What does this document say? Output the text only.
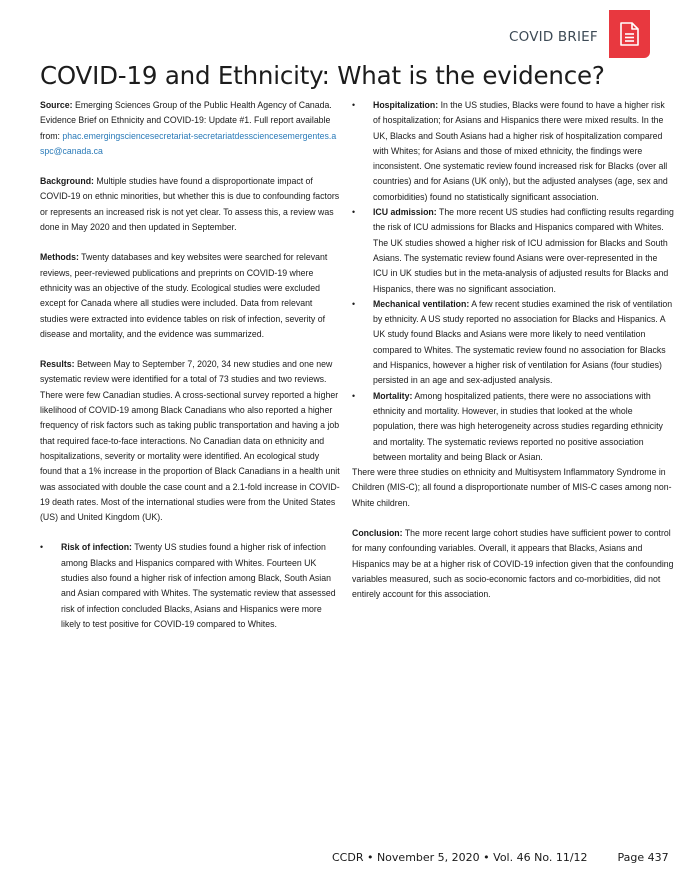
COVID BRIEF
COVID-19 and Ethnicity: What is the evidence?

Source: Emerging Sciences Group of the Public Health Agency of Canada. Evidence Brief on Ethnicity and COVID-19: Update #1. Full report available from: phac.emergingsciencesecretariat-secretariatdessciencesemergentes.aspc@canada.ca

Background: Multiple studies have found a disproportionate impact of COVID-19 on ethnic minorities, but whether this is due to confounding factors or represents an increased risk is not yet clear. To assess this, a review was done in May 2020 and then updated in September.

Methods: Twenty databases and key websites were searched for relevant reviews, peer-reviewed publications and preprints on COVID-19 where ethnicity was an objective of the study. Ecological studies were excluded except for Canada where all studies were included. Data from relevant studies were extracted into evidence tables on risk of infection, severity of disease and mortality, and the evidence was summarized.

Results: Between May to September 7, 2020, 34 new studies and one new systematic review were identified for a total of 73 studies and two reviews. There were few Canadian studies. A cross-sectional survey reported a higher likelihood of COVID-19 among Black Canadians who also reported a higher frequency of risk factors such as taking public transportation and having a job that required face-to-face interactions. No Canadian data on ethnicity and hospitalizations, severity or mortality were identified. An ecological study found that a 1% increase in the proportion of Black Canadians in a health unit was associated with double the case count and a 2.1-fold increase in COVID-19 death rates. Most of the international studies were from the United States (US) and United Kingdom (UK).

• Risk of infection: Twenty US studies found a higher risk of infection among Blacks and Hispanics compared with Whites. Fourteen UK studies also found a higher risk of infection among Black, South Asian and Asian compared with Whites. The systematic review that assessed risk of infection concluded Blacks, Asians and Hispanics were more likely to test positive for COVID-19 compared to Whites.
• Hospitalization: In the US studies, Blacks were found to have a higher risk of hospitalization; for Asians and Hispanics there were mixed results. In the UK, Blacks and South Asians had a higher risk of hospitalization compared with Whites; for Asians and those of mixed ethnicity, the findings were inconsistent. One systematic review found increased risk for Blacks (over all countries) and for Asians (UK only), but the adjusted analyses (age, sex and comorbidities) found no statistically significant association.
• ICU admission: The more recent US studies had conflicting results regarding the risk of ICU admissions for Blacks and Hispanics compared with Whites. The UK studies showed a higher risk of ICU admission for Blacks and South Asians. The systematic review found Asians were over-represented in the ICU in UK studies but in the meta-analysis of adjusted results for Blacks and Hispanics, there was no significant association.
• Mechanical ventilation: A few recent studies examined the risk of ventilation by ethnicity. A US study reported no association for Blacks and Hispanics. A UK study found Blacks and Asians were more likely to need ventilation compared to Whites. The systematic review found no association for Blacks and Hispanics, however a higher risk of ventilation for Asians (four studies) persisted in an age and sex-adjusted analysis.
• Mortality: Among hospitalized patients, there were no associations with ethnicity and mortality. However, in studies that looked at the whole population, there was high heterogeneity across studies regarding ethnicity and mortality. The systematic reviews reported no positive association between mortality and being Black or Asian.

There were three studies on ethnicity and Multisystem Inflammatory Syndrome in Children (MIS-C); all found a disproportionate number of MIS-C cases among non-White children.

Conclusion: The more recent large cohort studies have sufficient power to control for many confounding variables. Overall, it appears that Blacks, Asians and Hispanics may be at a higher risk of COVID-19 infection given that the confounding variables measured, such as socio-economic factors and co-morbidities, did not entirely account for this association.

CCDR • November 5, 2020 • Vol. 46 No. 11/12	Page 437
